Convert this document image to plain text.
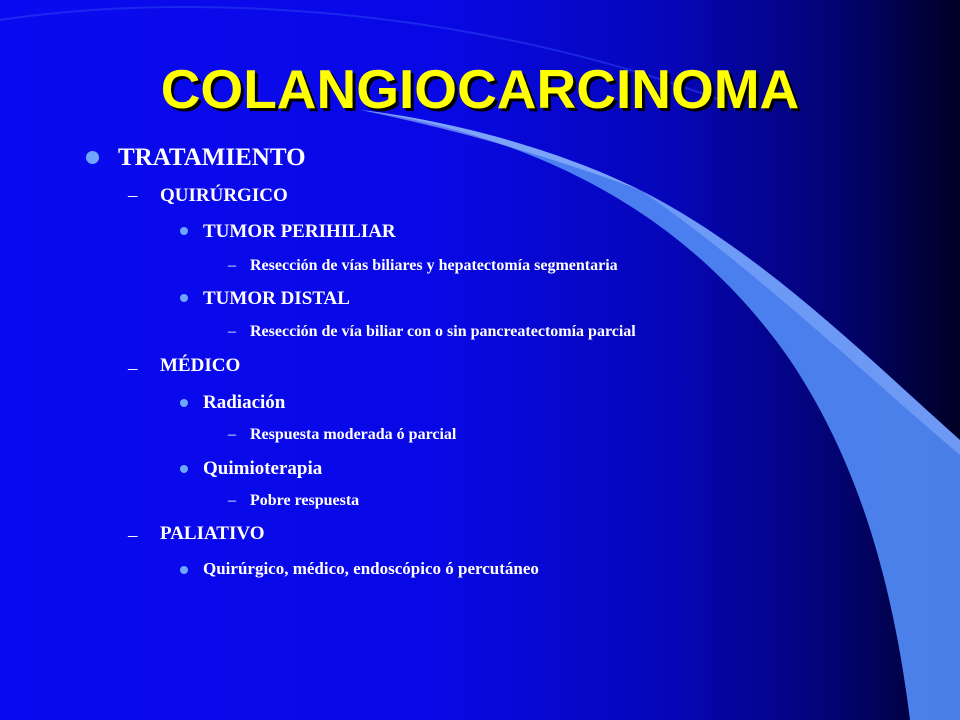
COLANGIOCARCINOMA
TRATAMIENTO
– QUIRÚRGICO
TUMOR PERIHILIAR
– Resección de vías biliares y hepatectomía segmentaria
TUMOR DISTAL
– Resección de vía biliar con o sin pancreatectomía parcial
– MÉDICO
Radiación
– Respuesta moderada ó parcial
Quimioterapia
– Pobre respuesta
– PALIATIVO
Quirúrgico, médico, endoscópico ó percutáneo
